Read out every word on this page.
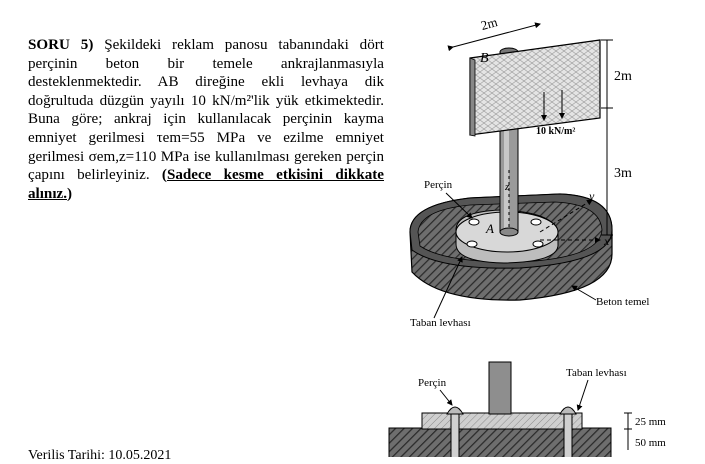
SORU 5) Şekildeki reklam panosu tabanındaki dört perçinin beton bir temele ankrajlanmasıyla desteklenmektedir. AB direğine ekli levhaya dik doğrultuda düzgün yayılı 10 kN/m²'lik yük etkimektedir. Buna göre; ankraj için kullanılacak perçinin kayma emniyet gerilmesi τem=55 MPa ve ezilme emniyet gerilmesi σem,z=110 MPa ise kullanılması gereken perçin çapını belirleyiniz. (Sadece kesme etkisini dikkate alınız.)
Verilis Tarihi: 10.05.2021
10 kN/m²
2m
B
A
z
2m
3m
y
x
Perçin
Beton temel
Taban levhası
Perçin
Taban levhası
25 mm
50 mm
